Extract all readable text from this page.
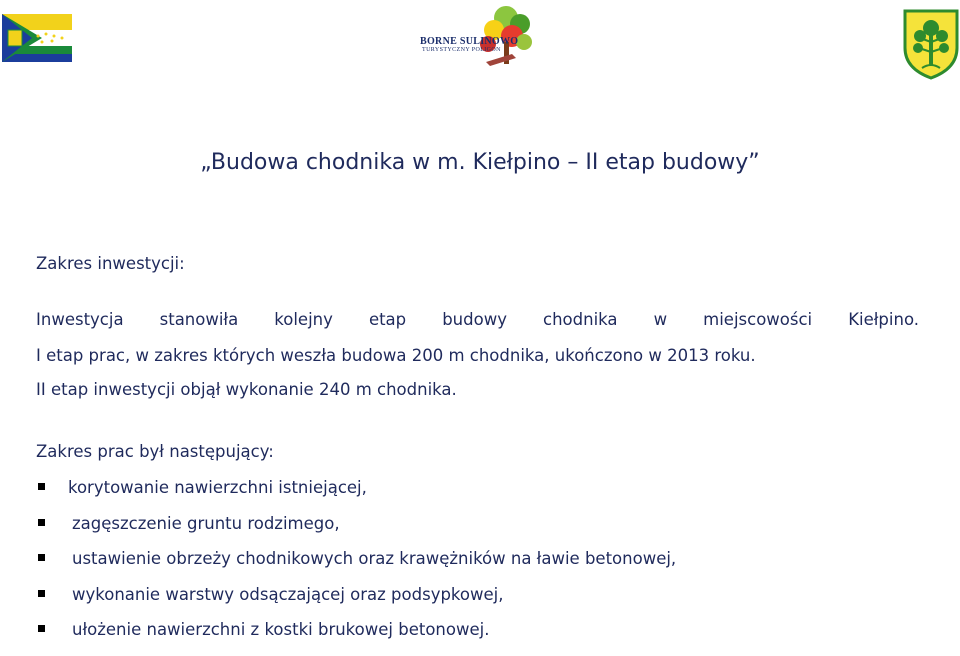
BORNE SULINOWO
TURYSTYCZNY POLIGON
„Budowa chodnika w m. Kiełpino – II etap budowy”
Zakres inwestycji:
Inwestycja stanowiła kolejny etap budowy chodnika w miejscowości Kiełpino.
I etap prac, w zakres których weszła budowa 200 m chodnika, ukończono w 2013 roku.
II etap inwestycji objął wykonanie 240 m chodnika.
Zakres prac był następujący:
korytowanie nawierzchni istniejącej,
zagęszczenie gruntu rodzimego,
ustawienie obrzeży chodnikowych oraz krawężników na ławie betonowej,
wykonanie warstwy odsączającej oraz podsypkowej,
ułożenie nawierzchni z kostki brukowej betonowej.
